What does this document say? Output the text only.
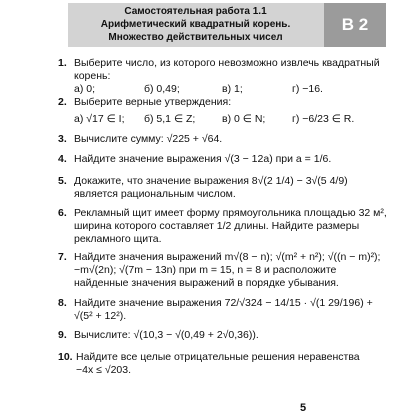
Самостоятельная работа 1.1
Арифметический квадратный корень.
Множество действительных чисел
В 2
1. Выберите число, из которого невозможно извлечь квадратный корень:
а) 0;	б) 0,49;	в) 1;	г) −16.
2. Выберите верные утверждения:
а) √17 ∈ I;	б) 5,1 ∈ Z;	в) 0 ∈ N;	г) −6/23 ∈ R.
3. Вычислите сумму: √225 + √64.
4. Найдите значение выражения √(3 − 12a) при a = 1/6.
5. Докажите, что значение выражения 8√(2 1/4) − 3√(5 4/9) является рациональным числом.
6. Рекламный щит имеет форму прямоугольника площадью 32 м², ширина которого составляет 1/2 длины. Найдите размеры рекламного щита.
7. Найдите значения выражений m√(8 − n); √(m² + n²); √((n − m)²); −m√(2n); √(7m − 13n) при m = 15, n = 8 и расположите найденные значения выражений в порядке убывания.
8. Найдите значение выражения 72/√324 − 14/15 · √(1 29/196) + √(5² + 12²).
9. Вычислите: √(10,3 − √(0,49 + 2√0,36)).
10. Найдите все целые отрицательные решения неравенства
−4x ≤ √203.
5
